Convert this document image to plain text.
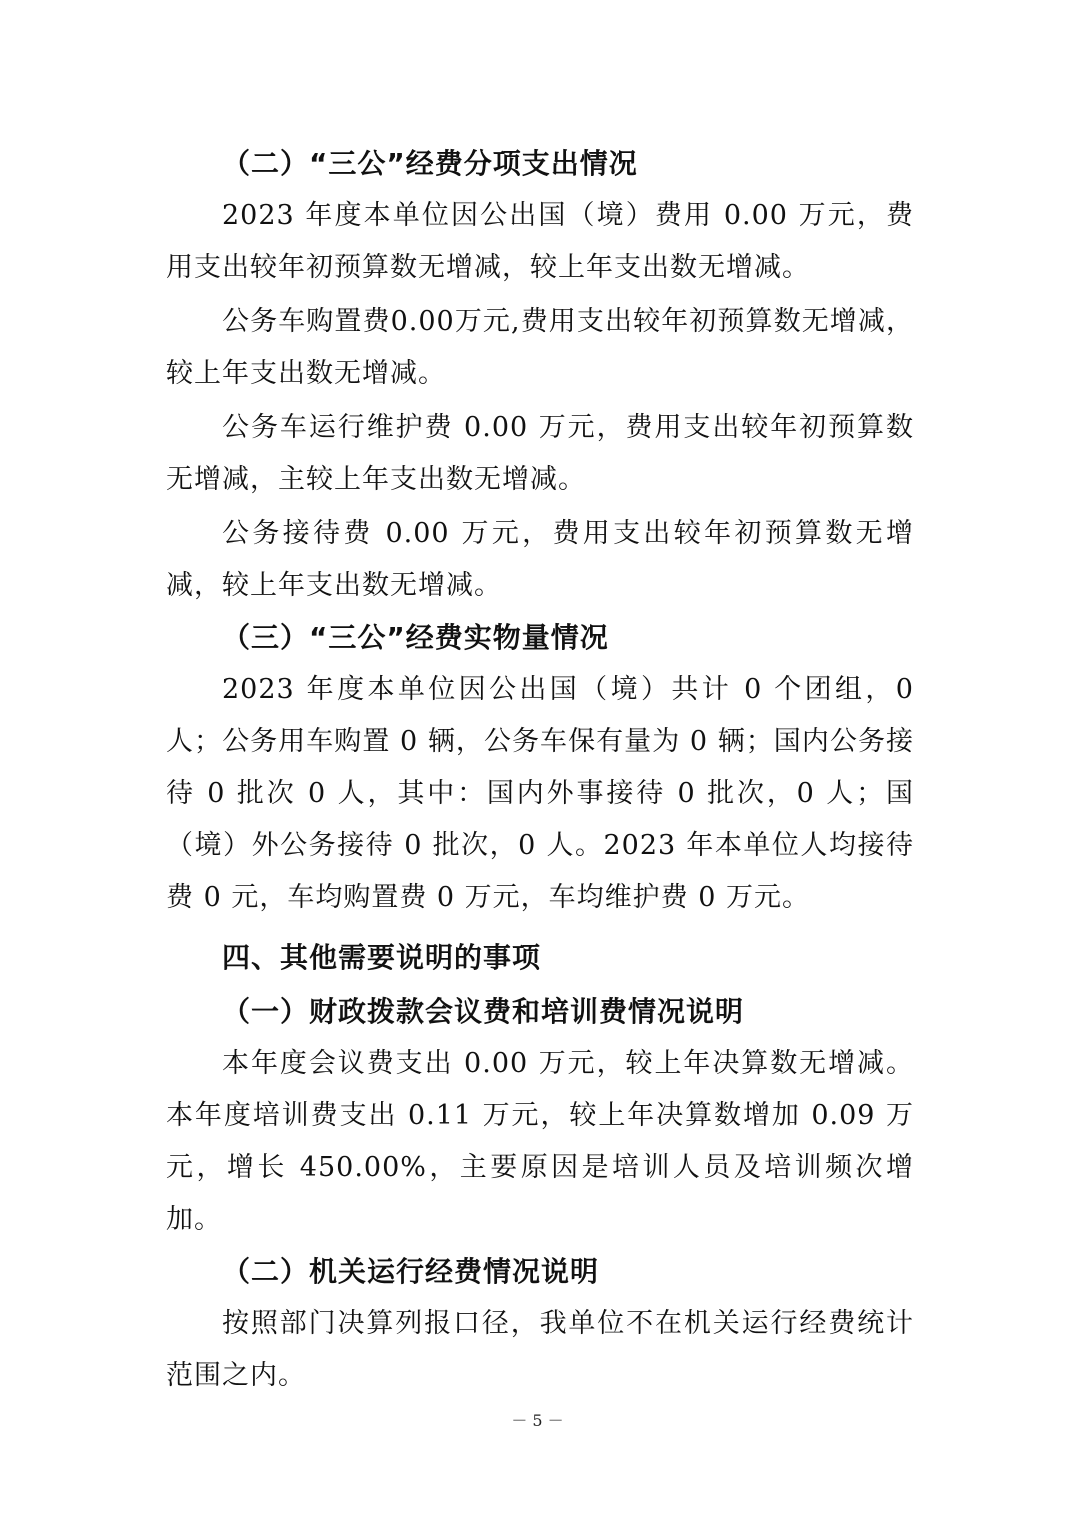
（二）“三公”经费分项支出情况

2023 年度本单位因公出国（境）费用 0.00 万元，费用支出较年初预算数无增减，较上年支出数无增减。

公务车购置费0.00万元,费用支出较年初预算数无增减，较上年支出数无增减。

公务车运行维护费 0.00 万元，费用支出较年初预算数无增减，主较上年支出数无增减。

公务接待费 0.00 万元，费用支出较年初预算数无增减，较上年支出数无增减。

（三）“三公”经费实物量情况

2023 年度本单位因公出国（境）共计 0 个团组，0 人；公务用车购置 0 辆，公务车保有量为 0 辆；国内公务接待 0 批次 0 人，其中：国内外事接待 0 批次，0 人；国（境）外公务接待 0 批次，0 人。2023 年本单位人均接待费 0 元，车均购置费 0 万元，车均维护费 0 万元。

四、其他需要说明的事项
（一）财政拨款会议费和培训费情况说明

本年度会议费支出 0.00 万元，较上年决算数无增减。本年度培训费支出 0.11 万元，较上年决算数增加 0.09 万元，增长 450.00%，主要原因是培训人员及培训频次增加。

（二）机关运行经费情况说明

按照部门决算列报口径，我单位不在机关运行经费统计范围之内。

－ 5 －
